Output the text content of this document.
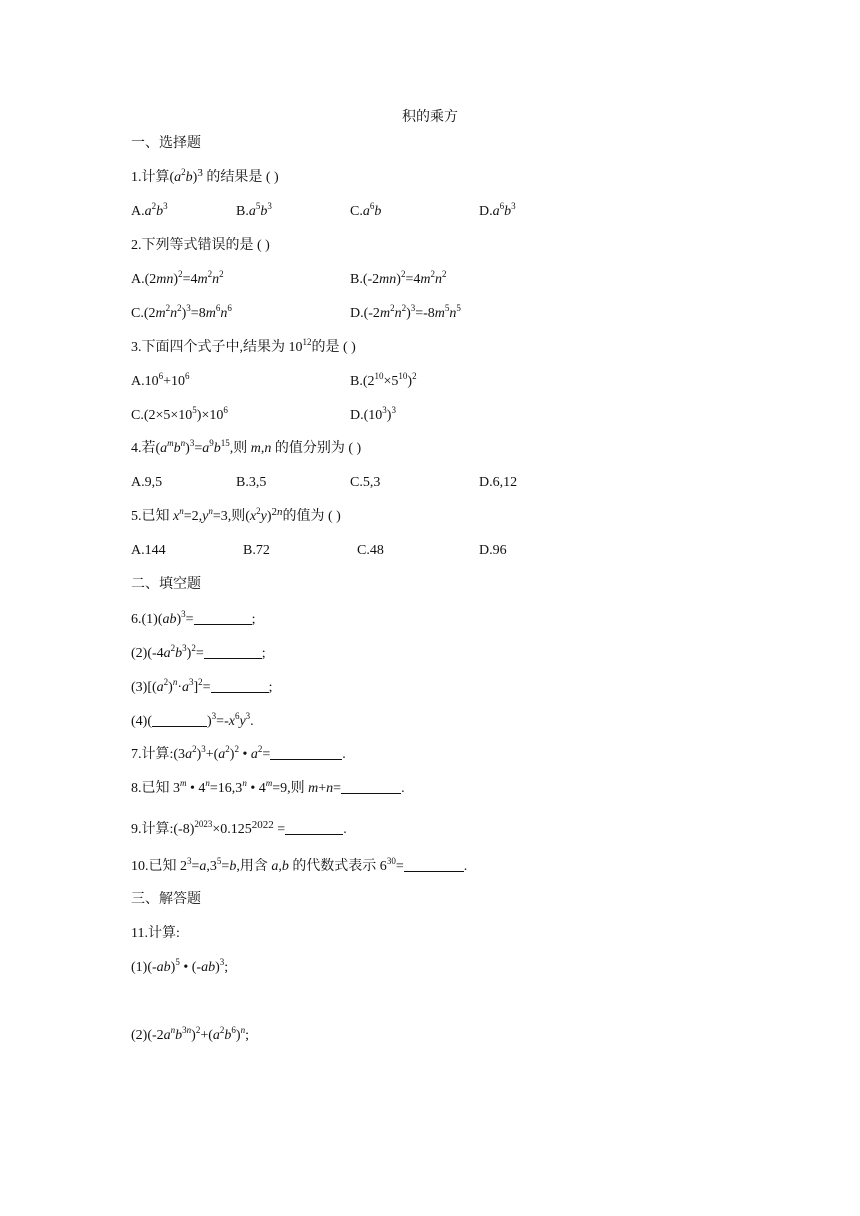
积的乘方
一、选择题
1.计算$(a^2b)^3$ 的结果是 ( )
$A.a^2b^3$	$B.a^5b^3$	$C.a^6b$	$D.a^6b^3$
2.下列等式错误的是 ( )
$A.(2mn)^2=4m^2n^2$	$B.(-2mn)^2=4m^2n^2$
$C.(2m^2n^2)^3=8m^6n^6$	$D.(-2m^2n^2)^3=-8m^5n^5$
3.下面四个式子中,结果为 $10^{12}$的是 ( )
$A.10^6+10^6$	$B.(2^{10}\times 5^{10})^2$
$C.(2\times 5\times 10^5)\times 10^6$	$D.(10^3)^3$
4.若$(a^mb^n)^3=a^9b^{15}$,则 m,n 的值分别为 ( )
A.9,5	B.3,5	C.5,3	D.6,12
5.已知 $x^n=2,y^n=3$,则$(x^2y)^{2n}$的值为 ( )
A.144	B.72	C.48	D.96
二、填空题
6.(1)(ab)$^3$=	;
$(2)(-4a^2b^3)^2=$	;
$(3)[(a^2)^n\cdot a^3]^2=$	;
(4)(	)$^3=-x^6y^3$.
7.计算$:(3a^2)^3+(a^2)^2$ • $a^2=$	.
8.已知 3$^m$ • $4^n=16,3^n$ • $4^m=9$,则 m+n=	.
9.计算$:(-8)^{2023}\times 0.125^{2022}$ =	.
10.已知 $2^3=a,3^5=b$,用含 a,b 的代数式表示 $6^{30}=$	.
三、解答题
11.计算:
$(1)(-ab)^5$ • $(-ab)^3$;
$(2)(-2a^nb^{3n})^2+(a^2b^6)^n$;
